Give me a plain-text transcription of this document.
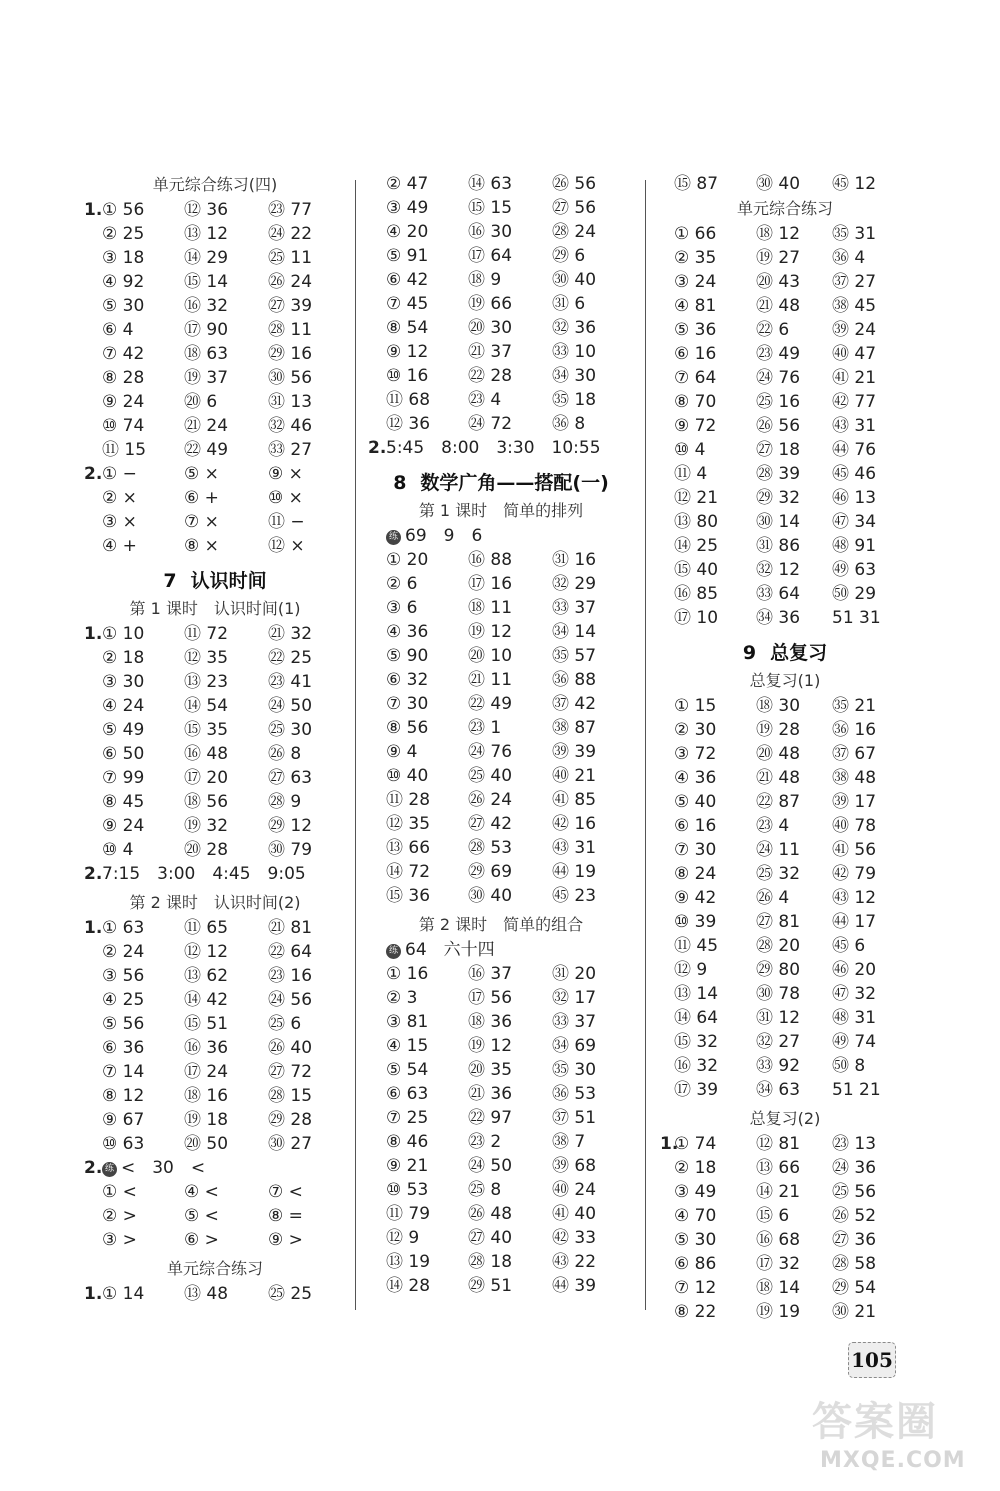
单元综合练习(四)
1. ① 56 ⑫ 36 ㉓ 77
② 25 ⑬ 12 ㉔ 22
③ 18 ⑭ 29 ㉕ 11
④ 92 ⑮ 14 ㉖ 24
⑤ 30 ⑯ 32 ㉗ 39
⑥ 4	⑰ 90 ㉘ 11
⑦ 42 ⑱ 63 ㉙ 16
⑧ 28 ⑲ 37 ㉚ 56
⑨ 24 ⑳ 6	㉛ 13
⑩ 74 ㉑ 24 ㉜ 46
⑪ 15 ㉒ 49 ㉝ 27
2. ① −	⑤ ×	⑨ ×
② ×	⑥ +	⑩ ×
③ ×	⑦ ×	⑪ −
④ +	⑧ ×	⑫ ×
7 认识时间
第 1 课时　认识时间(1)
1. ① 10 ⑪ 72 ㉑ 32
② 18 ⑫ 35 ㉒ 25
③ 30 ⑬ 23 ㉓ 41
④ 24 ⑭ 54 ㉔ 50
⑤ 49 ⑮ 35 ㉕ 30
⑥ 50 ⑯ 48 ㉖ 8
⑦ 99 ⑰ 20 ㉗ 63
⑧ 45 ⑱ 56 ㉘ 9
⑨ 24 ⑲ 32 ㉙ 12
⑩ 4	⑳ 28 ㉚ 79
2. 7:15　3:00　4:45　9:05
第 2 课时　认识时间(2)
1. ① 63 ⑪ 65 ㉑ 81
② 24 ⑫ 12 ㉒ 64
③ 56 ⑬ 62 ㉓ 16
④ 25 ⑭ 42 ㉔ 56
⑤ 56 ⑮ 51 ㉕ 6
⑥ 36 ⑯ 36 ㉖ 40
⑦ 14 ⑰ 24 ㉗ 72
⑧ 12 ⑱ 16 ㉘ 15
⑨ 67 ⑲ 18 ㉙ 28
⑩ 63 ⑳ 50 ㉚ 27
2. 练 <　30　<
① <	④ <	⑦ <
② >	⑤ <	⑧ =
③ >	⑥ >	⑨ >
单元综合练习
1. ① 14 ⑬ 48 ㉕ 25
② 47 ⑭ 63 ㉖ 56
③ 49 ⑮ 15 ㉗ 56
④ 20 ⑯ 30 ㉘ 24
⑤ 91 ⑰ 64 ㉙ 6
⑥ 42 ⑱ 9	㉚ 40
⑦ 45 ⑲ 66 ㉛ 6
⑧ 54 ⑳ 30 ㉜ 36
⑨ 12 ㉑ 37 ㉝ 10
⑩ 16 ㉒ 28 ㉞ 30
⑪ 68 ㉓ 4	㉟ 18
⑫ 36 ㉔ 72 ㊱ 8
2. 5:45　8:00　3:30　10:55
8 数学广角——搭配(一)
第 1 课时　简单的排列
练 69　9　6
① 20 ⑯ 88 ㉛ 16
② 6	⑰ 16 ㉜ 29
③ 6	⑱ 11 ㉝ 37
④ 36 ⑲ 12 ㉞ 14
⑤ 90 ⑳ 10 ㉟ 57
⑥ 32 ㉑ 11 ㊱ 88
⑦ 30 ㉒ 49 ㊲ 42
⑧ 56 ㉓ 1	㊳ 87
⑨ 4	㉔ 76 ㊴ 39
⑩ 40 ㉕ 40 ㊵ 21
⑪ 28 ㉖ 24 ㊶ 85
⑫ 35 ㉗ 42 ㊷ 16
⑬ 66 ㉘ 53 ㊸ 31
⑭ 72 ㉙ 69 ㊹ 19
⑮ 36 ㉚ 40 ㊺ 23
第 2 课时　简单的组合
练 64　六十四
① 16 ⑯ 37 ㉛ 20
② 3	⑰ 56 ㉜ 17
③ 81 ⑱ 36 ㉝ 37
④ 15 ⑲ 12 ㉞ 69
⑤ 54 ⑳ 35 ㉟ 30
⑥ 63 ㉑ 36 ㊱ 53
⑦ 25 ㉒ 97 ㊲ 51
⑧ 46 ㉓ 2	㊳ 7
⑨ 21 ㉔ 50 ㊴ 68
⑩ 53 ㉕ 8	㊵ 24
⑪ 79 ㉖ 48 ㊶ 40
⑫ 9	㉗ 40 ㊷ 33
⑬ 19 ㉘ 18 ㊸ 22
⑭ 28 ㉙ 51 ㊹ 39
⑮ 87 ㉚ 40 ㊺ 12
单元综合练习
① 66 ⑱ 12 ㉟ 31
② 35 ⑲ 27 ㊱ 4
③ 24 ⑳ 43 ㊲ 27
④ 81 ㉑ 48 ㊳ 45
⑤ 36 ㉒ 6	㊴ 24
⑥ 16 ㉓ 49 ㊵ 47
⑦ 64 ㉔ 76 ㊶ 21
⑧ 70 ㉕ 16 ㊷ 77
⑨ 72 ㉖ 56 ㊸ 31
⑩ 4	㉗ 18 ㊹ 76
⑪ 4	㉘ 39 ㊺ 46
⑫ 21 ㉙ 32 ㊻ 13
⑬ 80 ㉚ 14 ㊼ 34
⑭ 25 ㉛ 86 ㊽ 91
⑮ 40 ㉜ 12 ㊾ 63
⑯ 85 ㉝ 64 ㊿ 29
⑰ 10 ㉞ 36 51 31
9 总复习
总复习(1)
① 15 ⑱ 30 ㉟ 21
② 30 ⑲ 28 ㊱ 16
③ 72 ⑳ 48 ㊲ 67
④ 36 ㉑ 48 ㊳ 48
⑤ 40 ㉒ 87 ㊴ 17
⑥ 16 ㉓ 4	㊵ 78
⑦ 30 ㉔ 11 ㊶ 56
⑧ 24 ㉕ 32 ㊷ 79
⑨ 42 ㉖ 4	㊸ 12
⑩ 39 ㉗ 81 ㊹ 17
⑪ 45 ㉘ 20 ㊺ 6
⑫ 9	㉙ 80 ㊻ 20
⑬ 14 ㉚ 78 ㊼ 32
⑭ 64 ㉛ 12 ㊽ 31
⑮ 32 ㉜ 27 ㊾ 74
⑯ 32 ㉝ 92 ㊿ 8
⑰ 39 ㉞ 63 51 21
总复习(2)
1.
① 74 ⑫ 81 ㉓ 13
② 18 ⑬ 66 ㉔ 36
③ 49 ⑭ 21 ㉕ 56
④ 70 ⑮ 6	㉖ 52
⑤ 30 ⑯ 68 ㉗ 36
⑥ 86 ⑰ 32 ㉘ 58
⑦ 12 ⑱ 14 ㉙ 54
⑧ 22 ⑲ 19 ㉚ 21
105
答案圈
MXQE.COM
